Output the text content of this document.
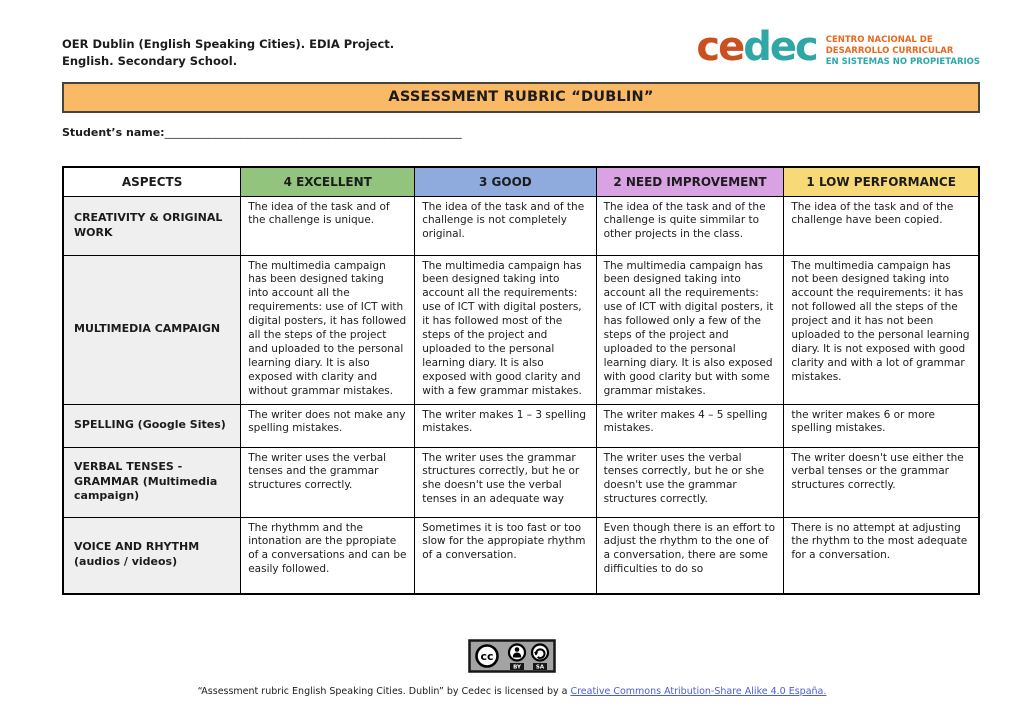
OER Dublin (English Speaking Cities). EDIA Project.
English. Secondary School.	cedec CENTRO NACIONAL DE
DESARROLLO CURRICULAR
EN SISTEMAS NO PROPIETARIOS
ASSESSMENT RUBRIC “DUBLIN”
Student’s name:______________________________________________________
ASPECTS	4 EXCELLENT	3 GOOD	2 NEED IMPROVEMENT	1 LOW PERFORMANCE
CREATIVITY & ORIGINAL WORK	The idea of the task and of the challenge is unique.	The idea of the task and of the challenge is not completely original.	The idea of the task and of the challenge is quite simmilar to other projects in the class.	The idea of the task and of the challenge have been copied.
MULTIMEDIA CAMPAIGN	The multimedia campaign has been designed taking into account all the requirements: use of ICT with digital posters, it has followed all the steps of the project and uploaded to the personal learning diary. It is also exposed with clarity and without grammar mistakes.	The multimedia campaign has been designed taking into account all the requirements: use of ICT with digital posters, it has followed most of the steps of the project and uploaded to the personal learning diary. It is also exposed with good clarity and with a few grammar mistakes.	The multimedia campaign has been designed taking into account all the requirements: use of ICT with digital posters, it has followed only a few of the steps of the project and uploaded to the personal learning diary. It is also exposed with good clarity but with some grammar mistakes.	The multimedia campaign has not been designed taking into account the requirements: it has not followed all the steps of the project and it has not been uploaded to the personal learning diary. It is not exposed with good clarity and with a lot of grammar mistakes.
SPELLING (Google Sites)	The writer does not make any spelling mistakes.	The writer makes 1 – 3 spelling mistakes.	The writer makes 4 – 5 spelling mistakes.	the writer makes 6 or more spelling mistakes.
VERBAL TENSES - GRAMMAR (Multimedia campaign)	The writer uses the verbal tenses and the grammar structures correctly.	The writer uses the grammar structures correctly, but he or she doesn't use the verbal tenses in an adequate way	The writer uses the verbal tenses correctly, but he or she doesn't use the grammar structures correctly.	The writer doesn't use either the verbal tenses or the grammar structures correctly.
VOICE AND RHYTHM (audios / videos)	The rhythmm and the intonation are the ppropiate of a conversations and can be easily followed.	Sometimes it is too fast or too slow for the appropiate rhythm of a conversation.	Even though there is an effort to adjust the rhythm to the one of a conversation, there are some difficulties to do so	There is no attempt at adjusting the rhythm to the most adequate for a conversation.
cc
BY	SA
“Assessment rubric English Speaking Cities. Dublin” by Cedec is licensed by a Creative Commons Atribution-Share Alike 4.0 España.
